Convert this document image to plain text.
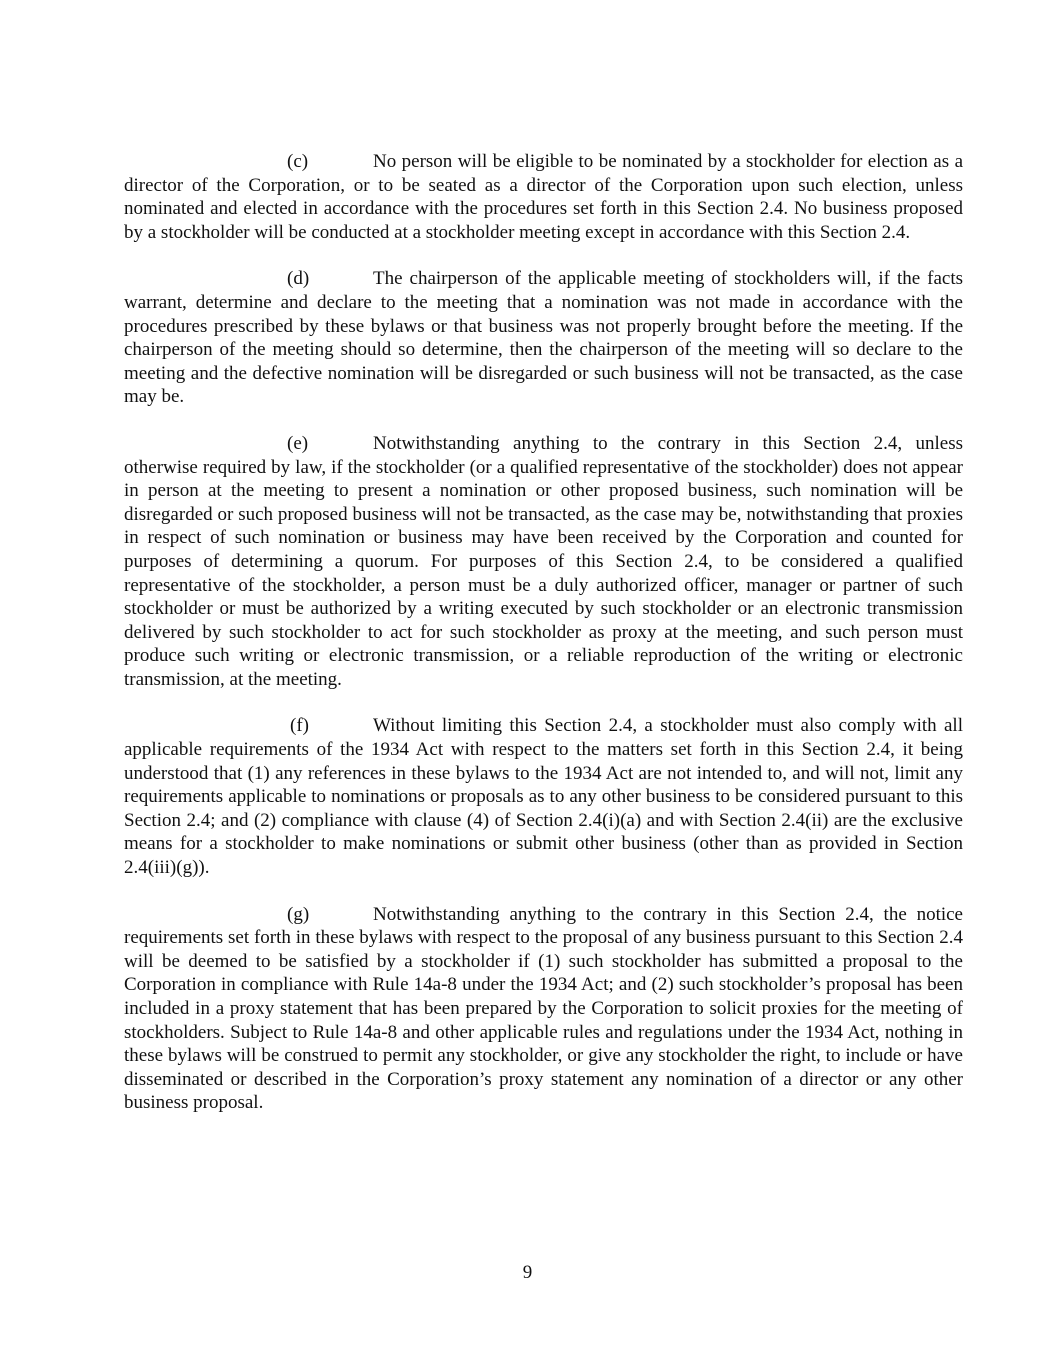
(c)	No person will be eligible to be nominated by a stockholder for election as a director of the Corporation, or to be seated as a director of the Corporation upon such election, unless nominated and elected in accordance with the procedures set forth in this Section 2.4. No business proposed by a stockholder will be conducted at a stockholder meeting except in accordance with this Section 2.4.

(d)	The chairperson of the applicable meeting of stockholders will, if the facts warrant, determine and declare to the meeting that a nomination was not made in accordance with the procedures prescribed by these bylaws or that business was not properly brought before the meeting. If the chairperson of the meeting should so determine, then the chairperson of the meeting will so declare to the meeting and the defective nomination will be disregarded or such business will not be transacted, as the case may be.

(e)	Notwithstanding anything to the contrary in this Section 2.4, unless otherwise required by law, if the stockholder (or a qualified representative of the stockholder) does not appear in person at the meeting to present a nomination or other proposed business, such nomination will be disregarded or such proposed business will not be transacted, as the case may be, notwithstanding that proxies in respect of such nomination or business may have been received by the Corporation and counted for purposes of determining a quorum. For purposes of this Section 2.4, to be considered a qualified representative of the stockholder, a person must be a duly authorized officer, manager or partner of such stockholder or must be authorized by a writing executed by such stockholder or an electronic transmission delivered by such stockholder to act for such stockholder as proxy at the meeting, and such person must produce such writing or electronic transmission, or a reliable reproduction of the writing or electronic transmission, at the meeting.

(f)	Without limiting this Section 2.4, a stockholder must also comply with all applicable requirements of the 1934 Act with respect to the matters set forth in this Section 2.4, it being understood that (1) any references in these bylaws to the 1934 Act are not intended to, and will not, limit any requirements applicable to nominations or proposals as to any other business to be considered pursuant to this Section 2.4; and (2) compliance with clause (4) of Section 2.4(i)(a) and with Section 2.4(ii) are the exclusive means for a stockholder to make nominations or submit other business (other than as provided in Section 2.4(iii)(g)).

(g)	Notwithstanding anything to the contrary in this Section 2.4, the notice requirements set forth in these bylaws with respect to the proposal of any business pursuant to this Section 2.4 will be deemed to be satisfied by a stockholder if (1) such stockholder has submitted a proposal to the Corporation in compliance with Rule 14a-8 under the 1934 Act; and (2) such stockholder’s proposal has been included in a proxy statement that has been prepared by the Corporation to solicit proxies for the meeting of stockholders. Subject to Rule 14a-8 and other applicable rules and regulations under the 1934 Act, nothing in these bylaws will be construed to permit any stockholder, or give any stockholder the right, to include or have disseminated or described in the Corporation’s proxy statement any nomination of a director or any other business proposal.

9
